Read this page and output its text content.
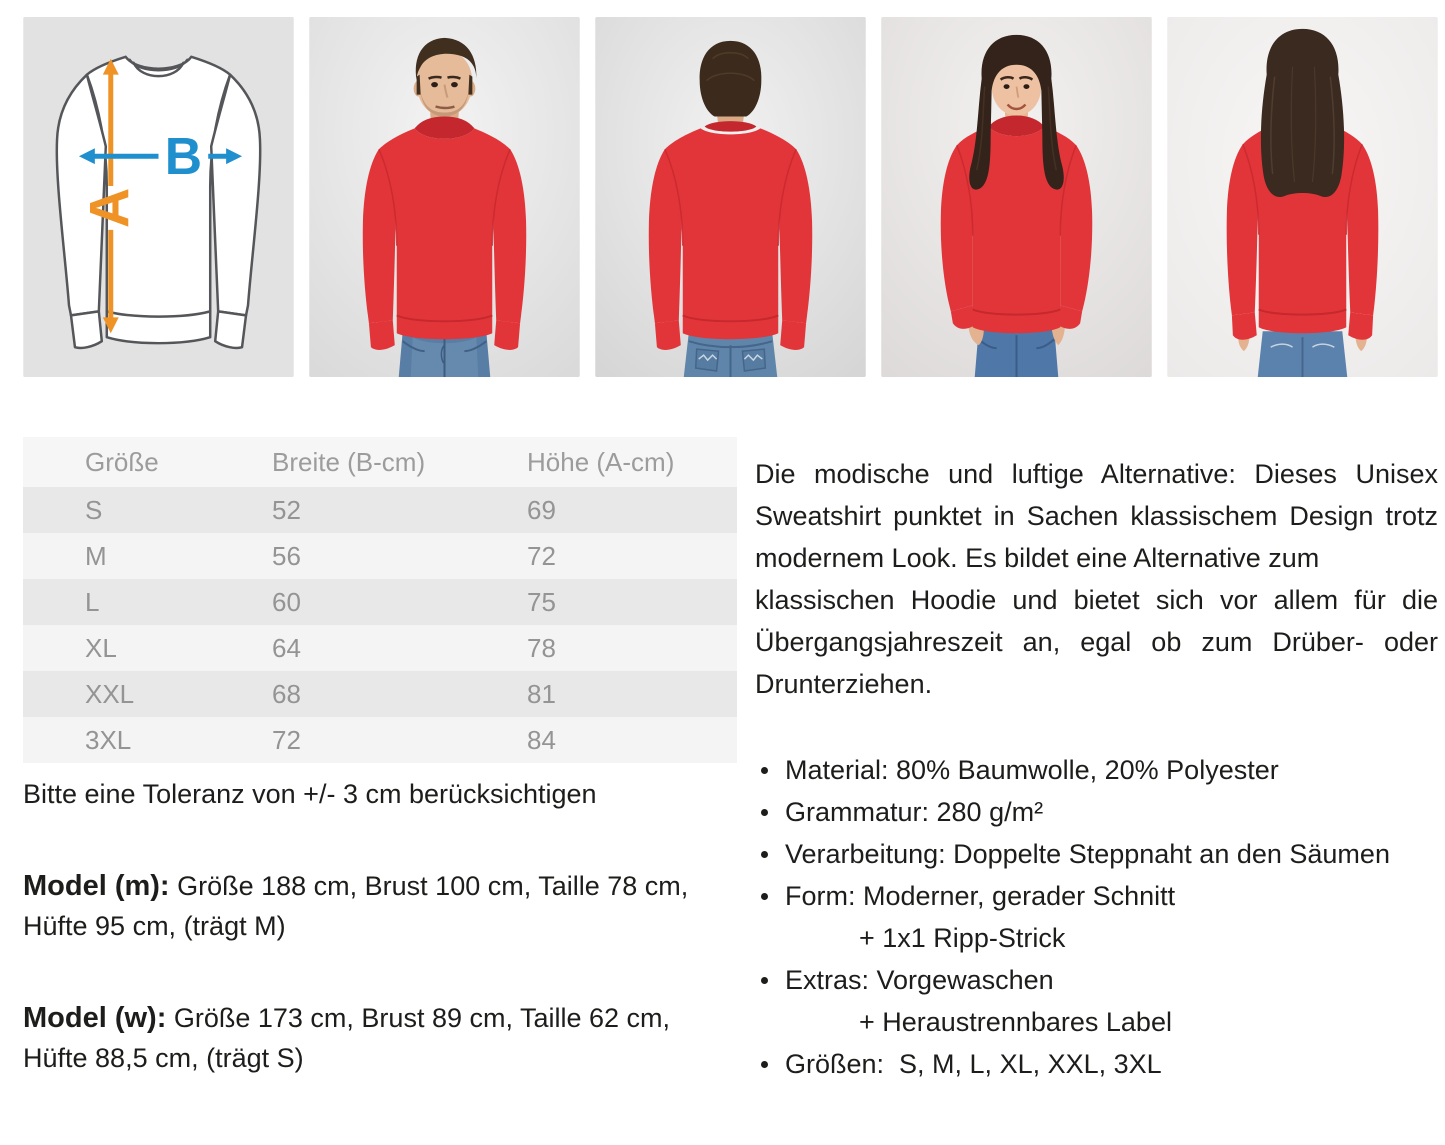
A
B
Größe	Breite (B-cm)	Höhe (A-cm)
S	52	69
M	56	72
L	60	75
XL	64	78
XXL	68	81
3XL	72	84

Bitte eine Toleranz von +/- 3 cm berücksichtigen

Model (m): Größe 188 cm, Brust 100 cm, Taille 78 cm, Hüfte 95 cm, (trägt M)

Model (w): Größe 173 cm, Brust 89 cm, Taille 62 cm, Hüfte 88,5 cm, (trägt S)

Die modische und luftige Alternative: Dieses Unisex
Sweatshirt punktet in Sachen klassischem Design trotz
modernem Look. Es bildet eine Alternative zum
klassischen Hoodie und bietet sich vor allem für die
Übergangsjahreszeit an, egal ob zum Drüber- oder
Drunterziehen.
Material: 80% Baumwolle, 20% Polyester
Grammatur: 280 g/m²
Verarbeitung: Doppelte Steppnaht an den Säumen
Form: Moderner, gerader Schnitt
+ 1x1 Ripp-Strick
Extras: Vorgewaschen
+ Heraustrennbares Label
Größen:  S, M, L, XL, XXL, 3XL
